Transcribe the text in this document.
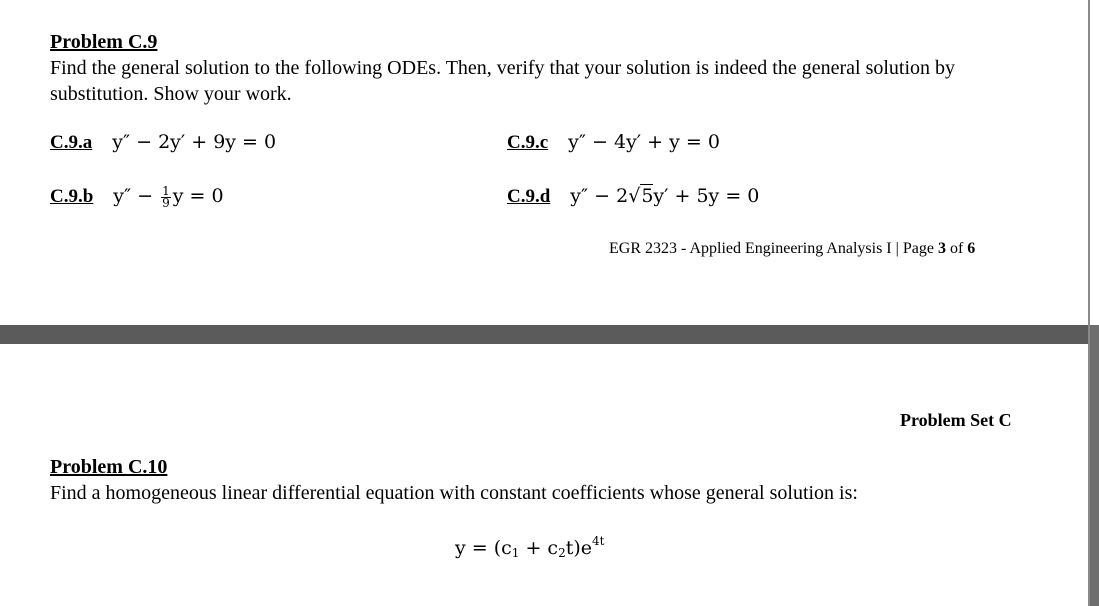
Problem C.9
Find the general solution to the following ODEs. Then, verify that your solution is indeed the general solution by
substitution. Show your work.
C.9.a y″ − 2y′ + 9y = 0	C.9.c y″ − 4y′ + y = 0
C.9.b $y'' - \frac{1}{9}$ y = 0	C.9.d y″ − 2√5y′ + 5y = 0
EGR 2323 - Applied Engineering Analysis I | Page 3 of 6
Problem Set C
Problem C.10
Find a homogeneous linear differential equation with constant coefficients whose general solution is:
$y = (c_1 + c_2t)e^{4t}$
